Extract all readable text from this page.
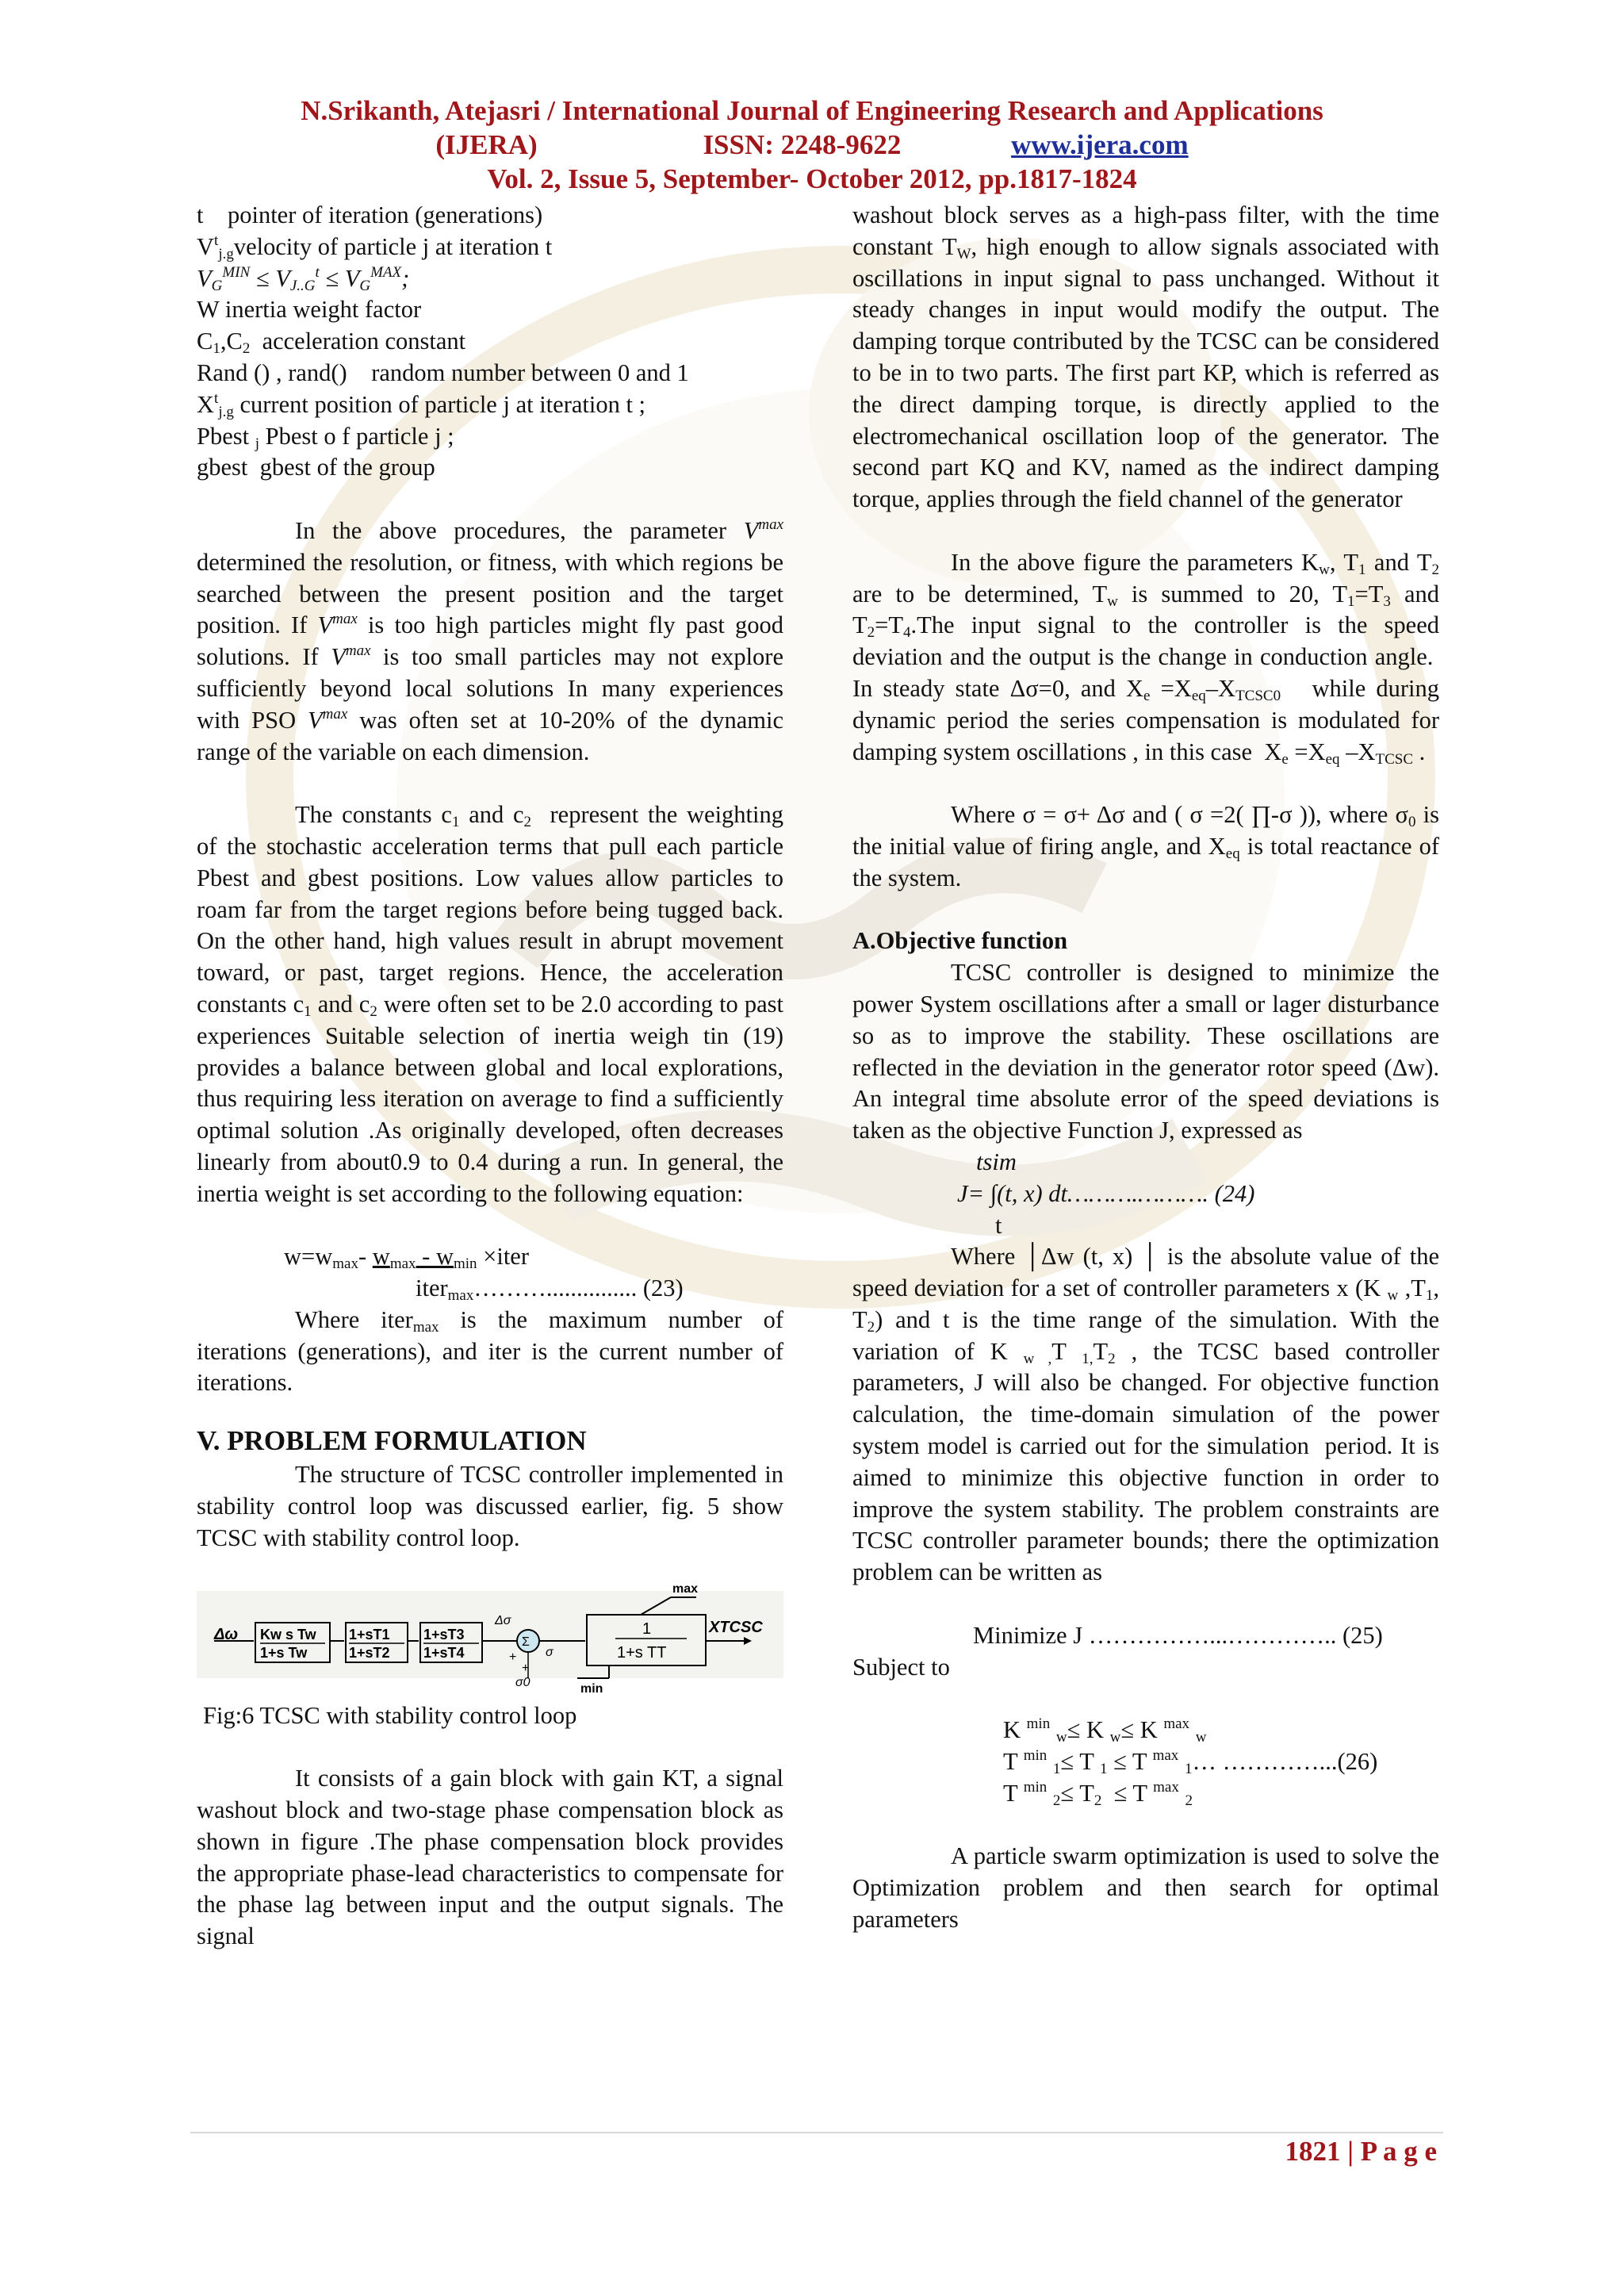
N.Srikanth, Atejasri / International Journal of Engineering Research and Applications
(IJERA)	ISSN: 2248-9622	www.ijera.com
Vol. 2, Issue 5, September- October 2012, pp.1817-1824

t    pointer of iteration (generations)

$V^t_{j.g}velocity$ of particle j at iteration t

$V_G^{MIN} \le V_{J..G}^t \le V_G^{MAX}$;

W inertia weight factor

$C_1,C_2$  acceleration constant

Rand () , rand()    random number between 0 and 1

$X^t_{j.g}$ current position of particle j at iteration t ;

Pbest $_j$ Pbest o f particle j ;

gbest  gbest of the group

In the above procedures, the parameter $V^{max}$ determined the resolution, or fitness, with which regions be searched between the present position and the target position. If $V^{max}$ is too high particles might fly past good solutions. If $V^{max}$ is too small particles may not explore sufficiently beyond local solutions In many experiences with PSO $V^{max}$ was often set at 10-20% of the dynamic range of the variable on each dimension.

The constants $c_1$ and $c_2$  represent the weighting of the stochastic acceleration terms that pull each particle Pbest and gbest positions. Low values allow particles to roam far from the target regions before being tugged back. On the other hand, high values result in abrupt movement toward, or past, target regions. Hence, the acceleration constants $c_1$ and $c_2$ were often set to be 2.0 according to past experiences Suitable selection of inertia weigh tin (19) provides a balance between global and local explorations, thus requiring less iteration on average to find a sufficiently optimal solution .As originally developed, often decreases linearly from about0.9 to 0.4 during a run. In general, the inertia weight is set according to the following equation:

$w=w_{max}-$ $w_{max} - w_{min}$ ×iter

iter$_{max}$………............... (23)

Where iter$_{max}$ is the maximum number of iterations (generations), and iter is the current number of iterations.

V. PROBLEM FORMULATION

The structure of TCSC controller implemented in stability control loop was discussed earlier, fig. 5 show TCSC with stability control loop.

Δω Kw s Tw
1+s Tw
1+sT1
1+sT2
1+sT3
1+sT4
Δσ
Σ
+
+
σ0
σ
1
1+s TT
max
min
XTCSC

Fig:6 TCSC with stability control loop

It consists of a gain block with gain KT, a signal washout block and two-stage phase compensation block as shown in figure .The phase compensation block provides the appropriate phase-lead characteristics to compensate for the phase lag between input and the output signals. The signal

washout block serves as a high-pass filter, with the time constant $T_W$, high enough to allow signals associated with oscillations in input signal to pass unchanged. Without it steady changes in input would modify the output. The damping torque contributed by the TCSC can be considered to be in to two parts. The first part KP, which is referred as the direct damping torque, is directly applied to the electromechanical oscillation loop of the generator. The second part KQ and KV, named as the indirect damping torque, applies through the field channel of the generator

In the above figure the parameters $K_w$, $T_1$ and $T_2$ are to be determined, $T_w$ is summed to 20, $T_1=T_3$ and $T_2=T_4.The$ input signal to the controller is the speed deviation and the output is the change in conduction angle.  In steady state Δσ=0, and $X_e =X_{eq}-X_{TCSC0}$   while during dynamic period the series compensation is modulated for damping system oscillations , in this case  $X_e =X_{eq}$ $-X_{TCSC}$ .

Where σ = σ+ Δσ and ( σ =2( ∏-σ )), where $\sigma_0$ is the initial value of firing angle, and $X_{eq}$ is total reactance of the system.

A.Objective function

TCSC controller is designed to minimize the power System oscillations after a small or lager disturbance so as to improve the stability. These oscillations are reflected in the deviation in the generator rotor speed (Δw). An integral time absolute error of the speed deviations is taken as the objective Function J, expressed as

tsim

J= ∫(t, x) dt……….………. (24)

t

Where │Δw (t, x) │ is the absolute value of the speed deviation for a set of controller parameters x (K $_w$ $,T_1$, $T_2$) and t is the time range of the simulation. With the variation of K $_{w ,}$T $_{1,}T_2$ , the TCSC based controller parameters, J will also be changed. For objective function calculation, the time-domain simulation of the power system model is carried out for the simulation  period. It is aimed to minimize this objective function in order to improve the system stability. The problem constraints are TCSC controller parameter bounds; there the optimization problem can be written as

Minimize J ……………...………….. (25)

Subject to

K $^{min}$ $_w$≤ K $_w$≤ K $^{max}$ $_w$

T $^{min}$ $_1$≤ T $_1$ ≤ T $^{max}$ $_1$… …………...(26)

T $^{min}$ $_2\le T_2 \le T$ $^{max}$ $_2$

A particle swarm optimization is used to solve the Optimization problem and then search for optimal parameters

1821 | P a g e
